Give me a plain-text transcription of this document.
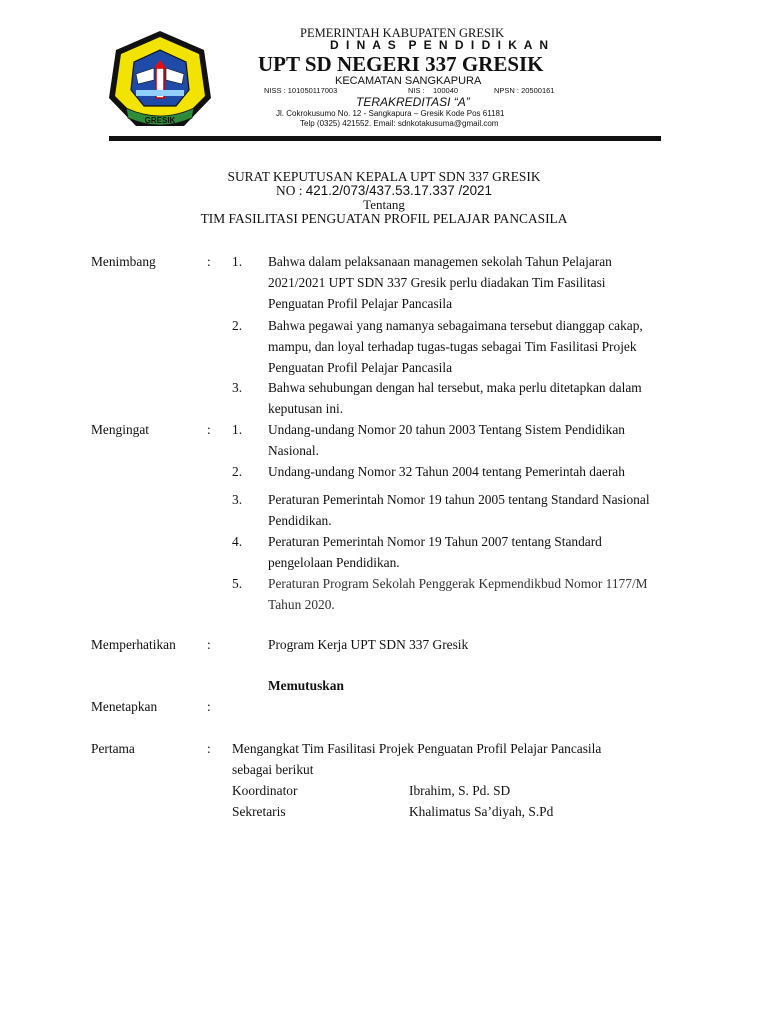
GRESIK
PEMERINTAH KABUPATEN GRESIK
D I N A S  P E N D I D I K A N
UPT SD NEGERI 337 GRESIK
KECAMATAN SANGKAPURA
NISS : 101050117003	NIS :    100040	NPSN : 20500161
TERAKREDITASI “A”
Jl. Cokrokusumo No. 12 - Sangkapura – Gresik Kode Pos 61181
Telp (0325) 421552. Email: sdnkotakusuma@gmail.com
SURAT KEPUTUSAN KEPALA UPT SDN 337 GRESIK
NO : 421.2/073/437.53.17.337 /2021
Tentang
TIM FASILITASI PENGUATAN PROFIL PELAJAR PANCASILA
Menimbang	: 1. Bahwa dalam pelaksanaan managemen sekolah Tahun Pelajaran
2021/2021 UPT SDN 337 Gresik perlu diadakan Tim Fasilitasi
Penguatan Profil Pelajar Pancasila
2. Bahwa pegawai yang namanya sebagaimana tersebut dianggap cakap,
mampu, dan loyal terhadap tugas-tugas sebagai Tim Fasilitasi Projek
Penguatan Profil Pelajar Pancasila
3. Bahwa sehubungan dengan hal tersebut, maka perlu ditetapkan dalam
keputusan ini.
Mengingat	: 1. Undang-undang Nomor 20 tahun 2003 Tentang Sistem Pendidikan
Nasional.
2. Undang-undang Nomor 32 Tahun 2004 tentang Pemerintah daerah
3. Peraturan Pemerintah Nomor 19 tahun 2005 tentang Standard Nasional
Pendidikan.
4. Peraturan Pemerintah Nomor 19 Tahun 2007 tentang Standard
pengelolaan Pendidikan.
5. Peraturan Program Sekolah Penggerak Kepmendikbud Nomor 1177/M
Tahun 2020.
Memperhatikan :	Program Kerja UPT SDN 337 Gresik
Memutuskan
Menetapkan	:
Pertama	: Mengangkat Tim Fasilitasi Projek Penguatan Profil Pelajar Pancasila
sebagai berikut
Koordinator	Ibrahim, S. Pd. SD
Sekretaris	Khalimatus Sa’diyah, S.Pd
